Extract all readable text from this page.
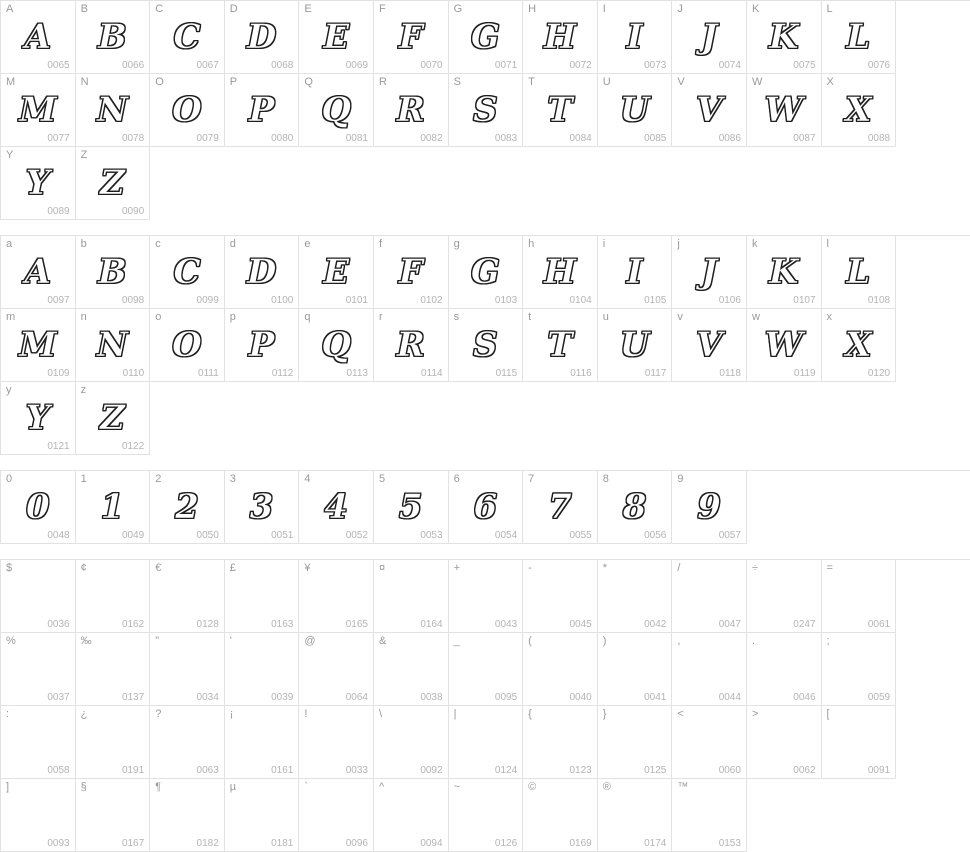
A
A
0065
B
B
0066
C
C
0067
D
D
0068
E
E
0069
F
F
0070
G
G
0071
H
H
0072
I
I
0073
J
J
0074
K
K
0075
L
L
0076
M
M
0077
N
N
0078
O
O
0079
P
P
0080
Q
Q
0081
R
R
0082
S
S
0083
T
T
0084
U
U
0085
V
V
0086
W
W
0087
X
X
0088
Y
Y
0089
Z
Z
0090
a
A
0097
b
B
0098
c
C
0099
d
D
0100
e
E
0101
f
F
0102
g
G
0103
h
H
0104
i
I
0105
j
J
0106
k
K
0107
l
L
0108
m
M
0109
n
N
0110
o
O
0111
p
P
0112
q
Q
0113
r
R
0114
s
S
0115
t
T
0116
u
U
0117
v
V
0118
w
W
0119
x
X
0120
y
Y
0121
z
Z
0122
0
0
0048
1
1
0049
2
2
0050
3
3
0051
4
4
0052
5
5
0053
6
6
0054
7
7
0055
8
8
0056
9
9
0057
$
0036
¢
0162
€
0128
£
0163
¥
0165
¤
0164
+
0043
-
0045
*
0042
/
0047
÷
0247
=
0061
%
0037
‰
0137
"
0034
'
0039
@
0064
&
0038
_
0095
(
0040
)
0041
,
0044
.
0046
;
0059
:
0058
¿
0191
?
0063
¡
0161
!
0033
\
0092
|
0124
{
0123
}
0125
<
0060
>
0062
[
0091
]
0093
§
0167
¶
0182
µ
0181
`
0096
^
0094
~
0126
©
0169
®
0174
™
0153
